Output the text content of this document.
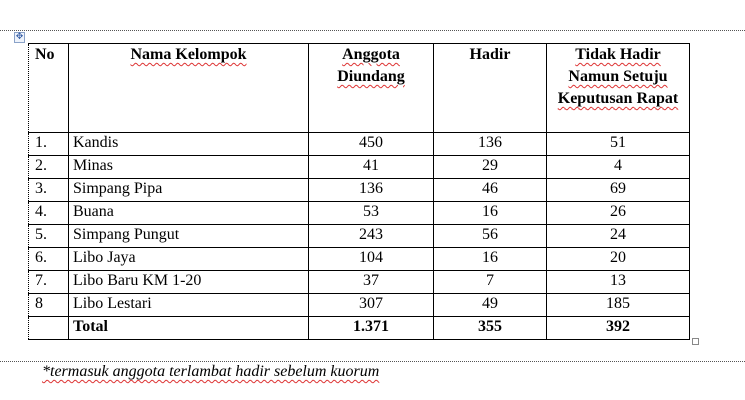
✥
No	Nama Kelompok	Anggota Diundang	Hadir	Tidak Hadir Namun Setuju Keputusan Rapat
1.	Kandis	450	136	51
2.	Minas	41	29	4
3.	Simpang Pipa	136	46	69
4.	Buana	53	16	26
5.	Simpang Pungut	243	56	24
6.	Libo Jaya	104	16	20
7.	Libo Baru KM 1-20	37	7	13
8	Libo Lestari	307	49	185
	Total	1.371	355	392
*termasuk anggota terlambat hadir sebelum kuorum
